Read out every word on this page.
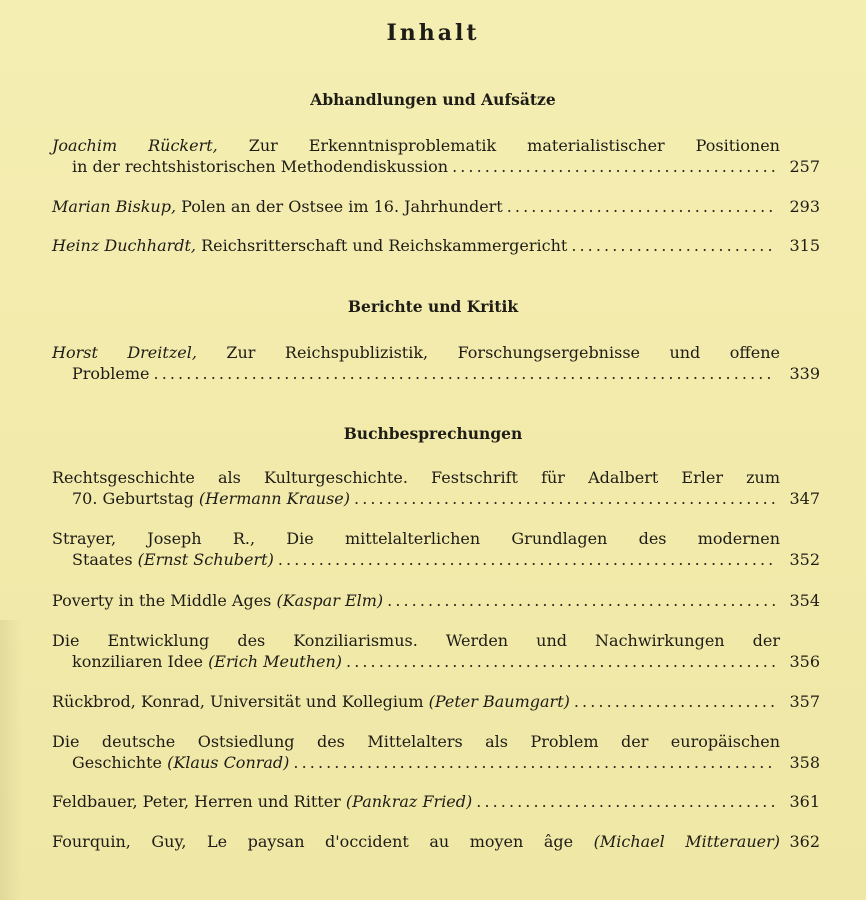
Inhalt
Abhandlungen und Aufsätze
Joachim Rückert, Zur Erkenntnisproblematik materialistischer Positionen
in der rechtshistorischen Methodendiskussion . . .	257
Marian Biskup, Polen an der Ostsee im 16. Jahrhundert . . .	293
Heinz Duchhardt, Reichsritterschaft und Reichskammergericht . . .	315
Berichte und Kritik
Horst Dreitzel, Zur Reichspublizistik, Forschungsergebnisse und offene
Probleme . . .	339
Buchbesprechungen
Rechtsgeschichte als Kulturgeschichte. Festschrift für Adalbert Erler zum
70. Geburtstag (Hermann Krause) . . .	347
Strayer, Joseph R., Die mittelalterlichen Grundlagen des modernen
Staates (Ernst Schubert) . . .	352
Poverty in the Middle Ages (Kaspar Elm) . . .	354
Die Entwicklung des Konziliarismus. Werden und Nachwirkungen der
konziliaren Idee (Erich Meuthen) . . .	356
Rückbrod, Konrad, Universität und Kollegium (Peter Baumgart) . . .	357
Die deutsche Ostsiedlung des Mittelalters als Problem der europäischen
Geschichte (Klaus Conrad) . . .	358
Feldbauer, Peter, Herren und Ritter (Pankraz Fried) . . .	361
Fourquin, Guy, Le paysan d'occident au moyen âge (Michael Mitterauer) 362
